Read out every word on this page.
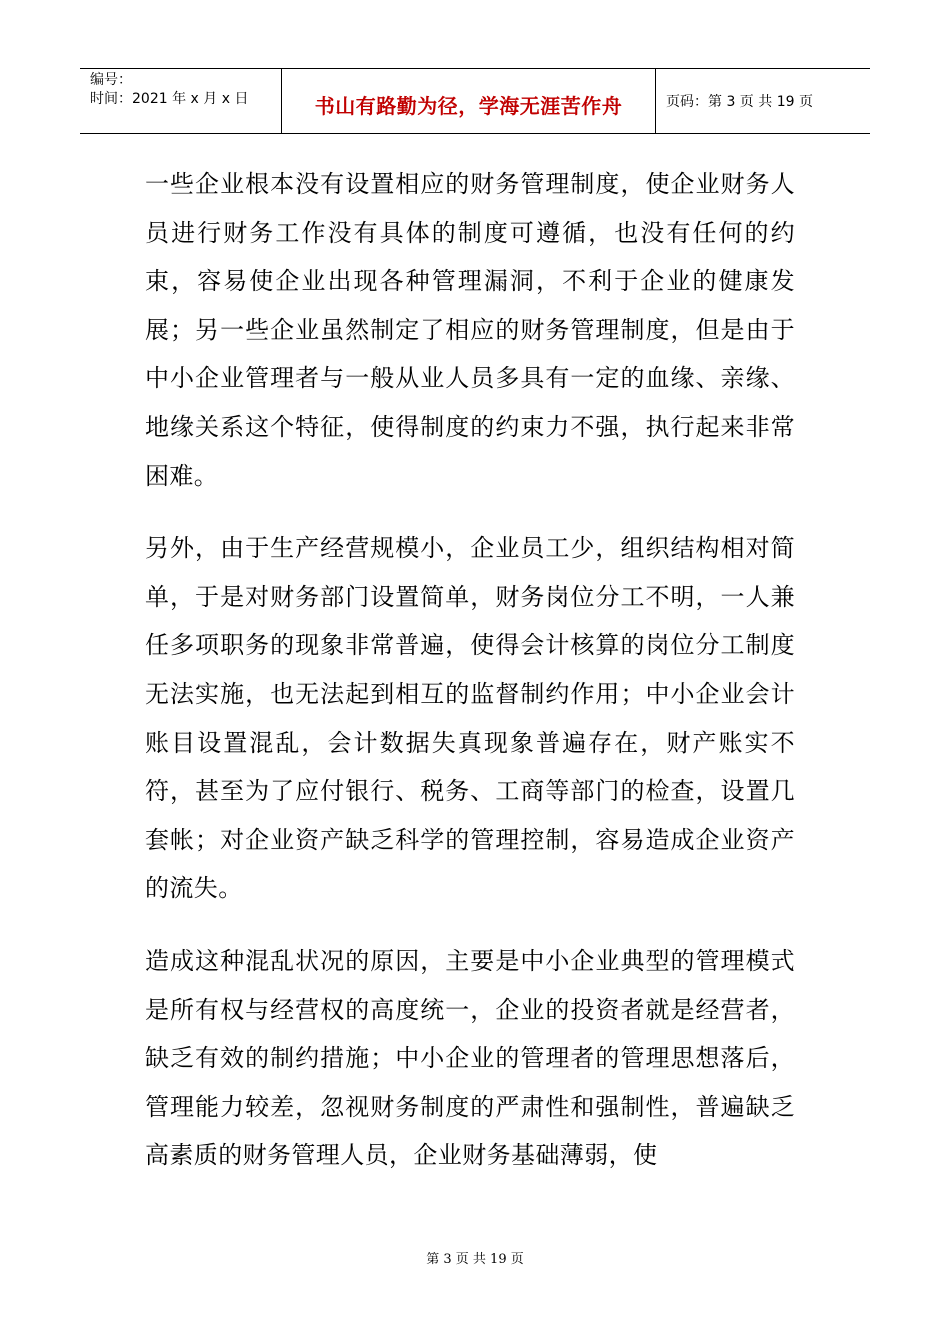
编号：
时间：2021 年 x 月 x 日	书山有路勤为径，学海无涯苦作舟	页码：第 3 页 共 19 页

一些企业根本没有设置相应的财务管理制度，使企业财务人员进行财务工作没有具体的制度可遵循，也没有任何的约束，容易使企业出现各种管理漏洞，不利于企业的健康发展；另一些企业虽然制定了相应的财务管理制度，但是由于中小企业管理者与一般从业人员多具有一定的血缘、亲缘、地缘关系这个特征，使得制度的约束力不强，执行起来非常困难。

另外，由于生产经营规模小，企业员工少，组织结构相对简单，于是对财务部门设置简单，财务岗位分工不明，一人兼任多项职务的现象非常普遍，使得会计核算的岗位分工制度无法实施，也无法起到相互的监督制约作用；中小企业会计账目设置混乱，会计数据失真现象普遍存在，财产账实不符，甚至为了应付银行、税务、工商等部门的检查，设置几套帐；对企业资产缺乏科学的管理控制，容易造成企业资产的流失。

造成这种混乱状况的原因，主要是中小企业典型的管理模式是所有权与经营权的高度统一，企业的投资者就是经营者，缺乏有效的制约措施；中小企业的管理者的管理思想落后，管理能力较差，忽视财务制度的严肃性和强制性，普遍缺乏高素质的财务管理人员，企业财务基础薄弱，使

第 3 页 共 19 页
